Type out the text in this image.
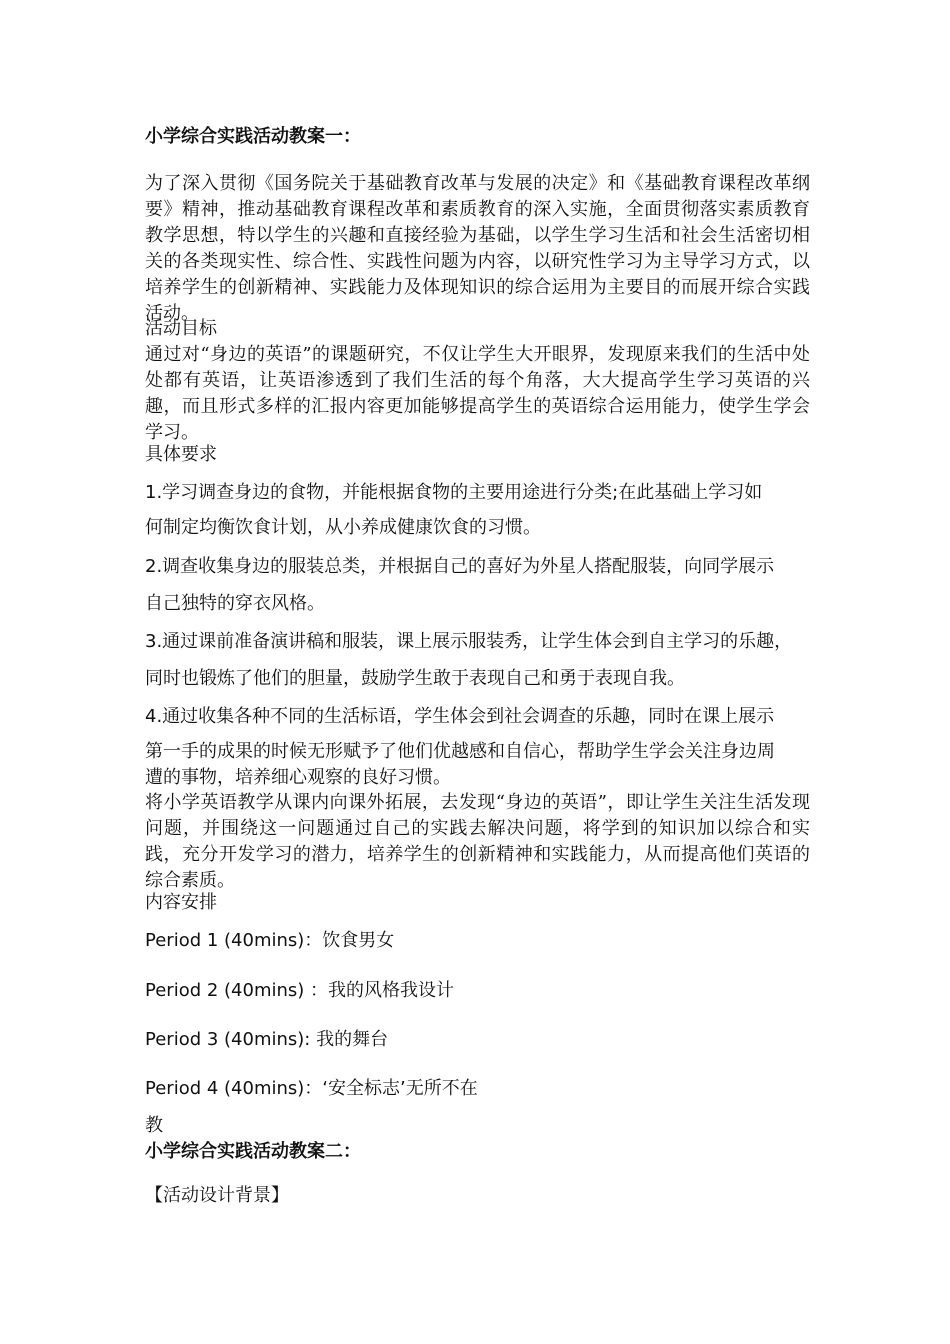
小学综合实践活动教案一：
为了深入贯彻《国务院关于基础教育改革与发展的决定》和《基础教育课程改革纲要》精神，推动基础教育课程改革和素质教育的深入实施，全面贯彻落实素质教育教学思想，特以学生的兴趣和直接经验为基础，以学生学习生活和社会生活密切相关的各类现实性、综合性、实践性问题为内容，以研究性学习为主导学习方式，以培养学生的创新精神、实践能力及体现知识的综合运用为主要目的而展开综合实践活动。
活动目标
通过对“身边的英语”的课题研究，不仅让学生大开眼界，发现原来我们的生活中处处都有英语，让英语渗透到了我们生活的每个角落，大大提高学生学习英语的兴趣，而且形式多样的汇报内容更加能够提高学生的英语综合运用能力，使学生学会学习。
具体要求
1.学习调查身边的食物，并能根据食物的主要用途进行分类;在此基础上学习如
何制定均衡饮食计划，从小养成健康饮食的习惯。
2.调查收集身边的服装总类，并根据自己的喜好为外星人搭配服装，向同学展示
自己独特的穿衣风格。
3.通过课前准备演讲稿和服装，课上展示服装秀，让学生体会到自主学习的乐趣，
同时也锻炼了他们的胆量，鼓励学生敢于表现自己和勇于表现自我。
4.通过收集各种不同的生活标语，学生体会到社会调查的乐趣，同时在课上展示
第一手的成果的时候无形赋予了他们优越感和自信心，帮助学生学会关注身边周
遭的事物，培养细心观察的良好习惯。
将小学英语教学从课内向课外拓展，去发现“身边的英语”，即让学生关注生活发现问题，并围绕这一问题通过自己的实践去解决问题，将学到的知识加以综合和实践，充分开发学习的潜力，培养学生的创新精神和实践能力，从而提高他们英语的综合素质。
内容安排
Period 1 (40mins)：饮食男女
Period 2 (40mins) ：我的风格我设计
Period 3 (40mins): 我的舞台
Period 4 (40mins)：‘安全标志’无所不在
教
小学综合实践活动教案二：
【活动设计背景】
